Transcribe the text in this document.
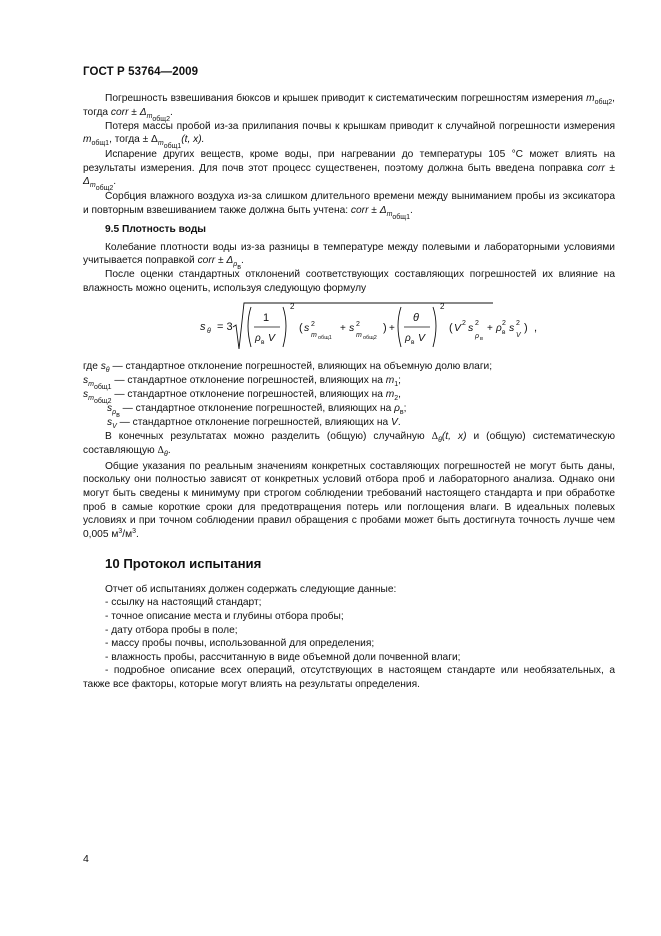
ГОСТ Р 53764—2009

Погрешность взвешивания бюксов и крышек приводит к систематическим погрешностям измерения $m_{общ2}$, тогда corr ± $\Delta_{m_{общ2}}$.

Потеря массы пробой из-за прилипания почвы к крышкам приводит к случайной погрешности измерения $m_{общ1}$, тогда ± $\Delta_{m_{общ1}}(t$, x).

Испарение других веществ, кроме воды, при нагревании до температуры 105 °С может влиять на результаты измерения. Для почв этот процесс существенен, поэтому должна быть введена поправка corr ± $\Delta_{m_{общ2}}$.

Сорбция влажного воздуха из-за слишком длительного времени между выниманием пробы из эксикатора и повторным взвешиванием также должна быть учтена: corr ± $\Delta_{m_{общ1}}$.

9.5 Плотность воды

Колебание плотности воды из-за разницы в температуре между полевыми и лабораторными условиями учитывается поправкой corr ± $\Delta_{\rho_в}$.

После оценки стандартных отклонений соответствующих составляющих погрешностей их влияние на влажность можно оценить, используя следующую формулу

s θ = 3
1
ρ в V
2
( s 2
m общ1
+ s 2
m общ2
) +
θ
ρ в V
2
( V 2 s 2
ρ в
+ ρ в
2 s 2
V
) ,

где $s_\theta$ — стандартное отклонение погрешностей, влияющих на объемную долю влаги;

$s_{m_{общ1}}$ — стандартное отклонение погрешностей, влияющих на $m_1$;

$s_{m_{общ2}}$ — стандартное отклонение погрешностей, влияющих на $m_2$,

$s_{\rho_в}$ — стандартное отклонение погрешностей, влияющих на $\rho_в$;

$s_V$ — стандартное отклонение погрешностей, влияющих на V.

В конечных результатах можно разделить (общую) случайную $\Delta_\theta(t$, x) и (общую) систематическую составляющую $\Delta_\theta$.

Общие указания по реальным значениям конкретных составляющих погрешностей не могут быть даны, поскольку они полностью зависят от конкретных условий отбора проб и лабораторного анализа. Однако они могут быть сведены к минимуму при строгом соблюдении требований настоящего стандарта и при обработке проб в самые короткие сроки для предотвращения потерь или поглощения влаги. В идеальных полевых условиях и при точном соблюдении правил обращения с пробами может быть достигнута точность лучше чем 0,005 $м^3/м^3$.

10 Протокол испытания

Отчет об испытаниях должен содержать следующие данные:

- ссылку на настоящий стандарт;

- точное описание места и глубины отбора пробы;

- дату отбора пробы в поле;

- массу пробы почвы, использованной для определения;

- влажность пробы, рассчитанную в виде объемной доли почвенной влаги;

- подробное описание всех операций, отсутствующих в настоящем стандарте или необязательных, а также все факторы, которые могут влиять на результаты определения.

4
